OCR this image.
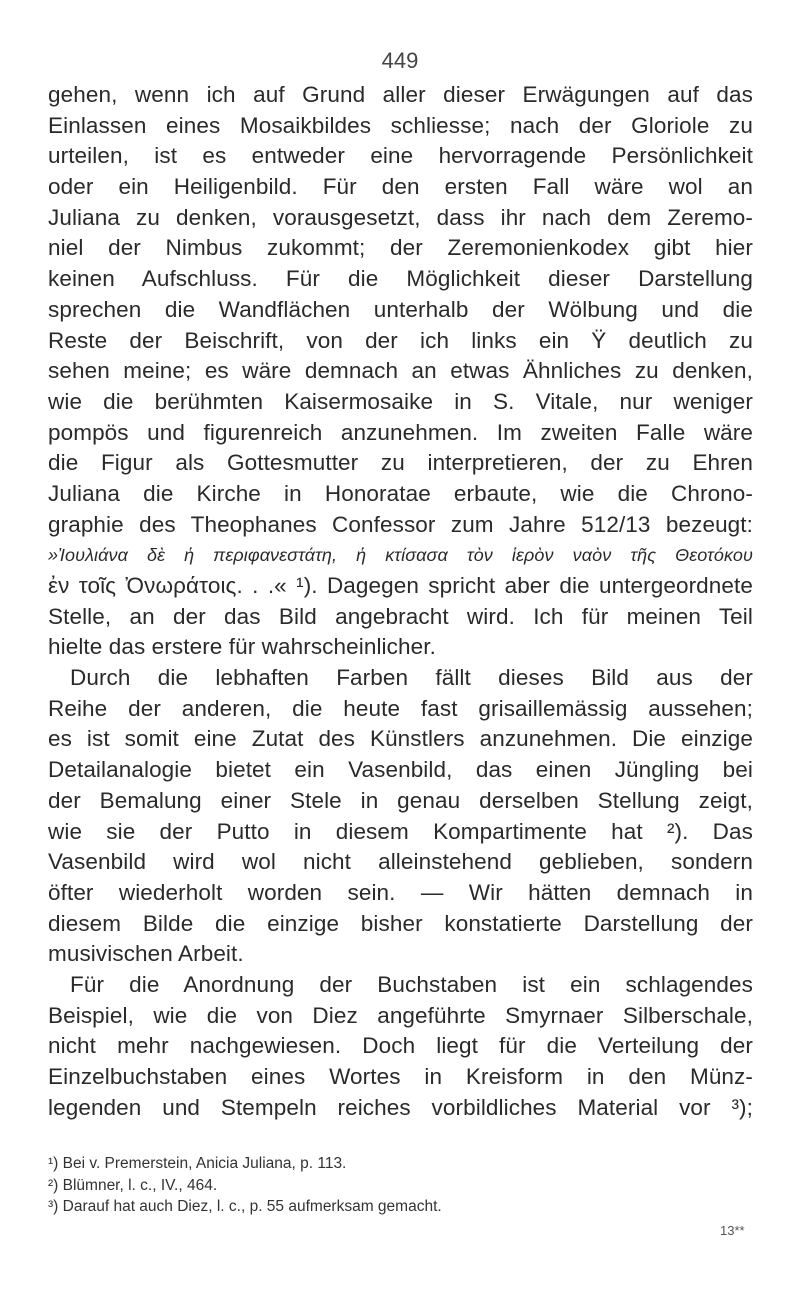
449
gehen, wenn ich auf Grund aller dieser Erwägungen auf das
Einlassen eines Mosaikbildes schliesse; nach der Gloriole zu
urteilen, ist es entweder eine hervorragende Persönlichkeit
oder ein Heiligenbild. Für den ersten Fall wäre wol an
Juliana zu denken, vorausgesetzt, dass ihr nach dem Zeremo-
niel der Nimbus zukommt; der Zeremonienkodex gibt hier
keinen Aufschluss. Für die Möglichkeit dieser Darstellung
sprechen die Wandflächen unterhalb der Wölbung und die
Reste der Beischrift, von der ich links ein Ÿ deutlich zu
sehen meine; es wäre demnach an etwas Ähnliches zu denken,
wie die berühmten Kaisermosaike in S. Vitale, nur weniger
pompös und figurenreich anzunehmen. Im zweiten Falle wäre
die Figur als Gottesmutter zu interpretieren, der zu Ehren
Juliana die Kirche in Honoratae erbaute, wie die Chrono-
graphie des Theophanes Confessor zum Jahre 512/13 bezeugt:
»Ἰουλιάνα δὲ ἡ περιφανεστάτη, ἡ κτίσασα τὸν ἱερὸν ναὸν τῆς Θεοτόκου
ἐν τοῖς Ὀνωράτοις. . .« ¹). Dagegen spricht aber die untergeordnete
Stelle, an der das Bild angebracht wird. Ich für meinen Teil
hielte das erstere für wahrscheinlicher.
Durch die lebhaften Farben fällt dieses Bild aus der
Reihe der anderen, die heute fast grisaillemässig aussehen;
es ist somit eine Zutat des Künstlers anzunehmen. Die einzige
Detailanalogie bietet ein Vasenbild, das einen Jüngling bei
der Bemalung einer Stele in genau derselben Stellung zeigt,
wie sie der Putto in diesem Kompartimente hat ²). Das
Vasenbild wird wol nicht alleinstehend geblieben, sondern
öfter wiederholt worden sein. — Wir hätten demnach in
diesem Bilde die einzige bisher konstatierte Darstellung der
musivischen Arbeit.
Für die Anordnung der Buchstaben ist ein schlagendes
Beispiel, wie die von Diez angeführte Smyrnaer Silberschale,
nicht mehr nachgewiesen. Doch liegt für die Verteilung der
Einzelbuchstaben eines Wortes in Kreisform in den Münz-
legenden und Stempeln reiches vorbildliches Material vor ³);
¹) Bei v. Premerstein, Anicia Juliana, p. 113.
²) Blümner, l. c., IV., 464.
³) Darauf hat auch Diez, l. c., p. 55 aufmerksam gemacht.
13**
